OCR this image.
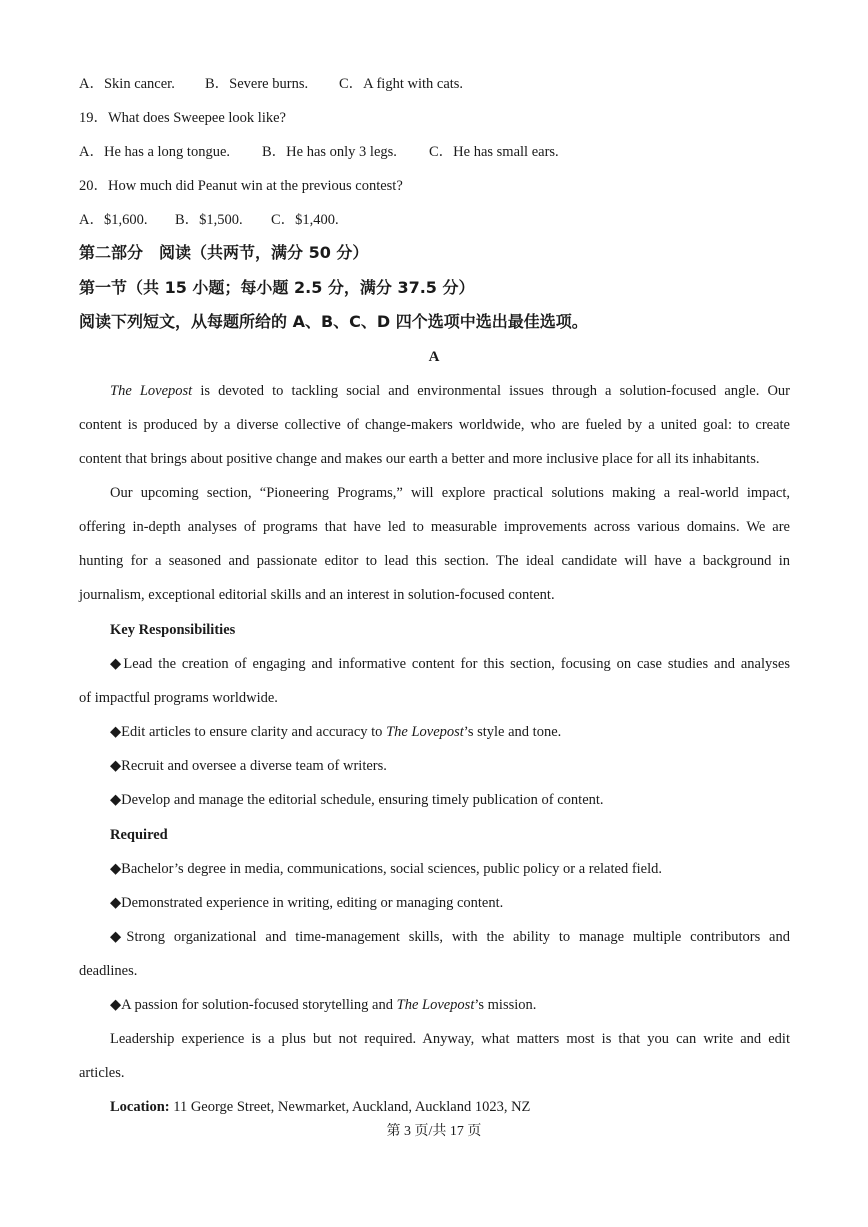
A．Skin cancer. B．Severe burns. C．A fight with cats.
19．What does Sweepee look like?
A．He has a long tongue. B．He has only 3 legs. C．He has small ears.
20．How much did Peanut win at the previous contest?
A．$1,600. B．$1,500. C．$1,400.
第二部分　阅读（共两节，满分 50 分）
第一节（共 15 小题；每小题 2.5 分，满分 37.5 分）
阅读下列短文，从每题所给的 A、B、C、D 四个选项中选出最佳选项。
A
The Lovepost is devoted to tackling social and environmental issues through a solution-focused angle. Our
content is produced by a diverse collective of change-makers worldwide, who are fueled by a united goal: to create
content that brings about positive change and makes our earth a better and more inclusive place for all its inhabitants.
Our upcoming section, “Pioneering Programs,” will explore practical solutions making a real-world impact,
offering in-depth analyses of programs that have led to measurable improvements across various domains. We are
hunting for a seasoned and passionate editor to lead this section. The ideal candidate will have a background in
journalism, exceptional editorial skills and an interest in solution-focused content.
Key Responsibilities
◆Lead the creation of engaging and informative content for this section, focusing on case studies and analyses
of impactful programs worldwide.
◆Edit articles to ensure clarity and accuracy to The Lovepost’s style and tone.
◆Recruit and oversee a diverse team of writers.
◆Develop and manage the editorial schedule, ensuring timely publication of content.
Required
◆Bachelor’s degree in media, communications, social sciences, public policy or a related field.
◆Demonstrated experience in writing, editing or managing content.
◆Strong organizational and time-management skills, with the ability to manage multiple contributors and
deadlines.
◆A passion for solution-focused storytelling and The Lovepost’s mission.
Leadership experience is a plus but not required. Anyway, what matters most is that you can write and edit
articles.
Location: 11 George Street, Newmarket, Auckland, Auckland 1023, NZ
第 3 页/共 17 页
